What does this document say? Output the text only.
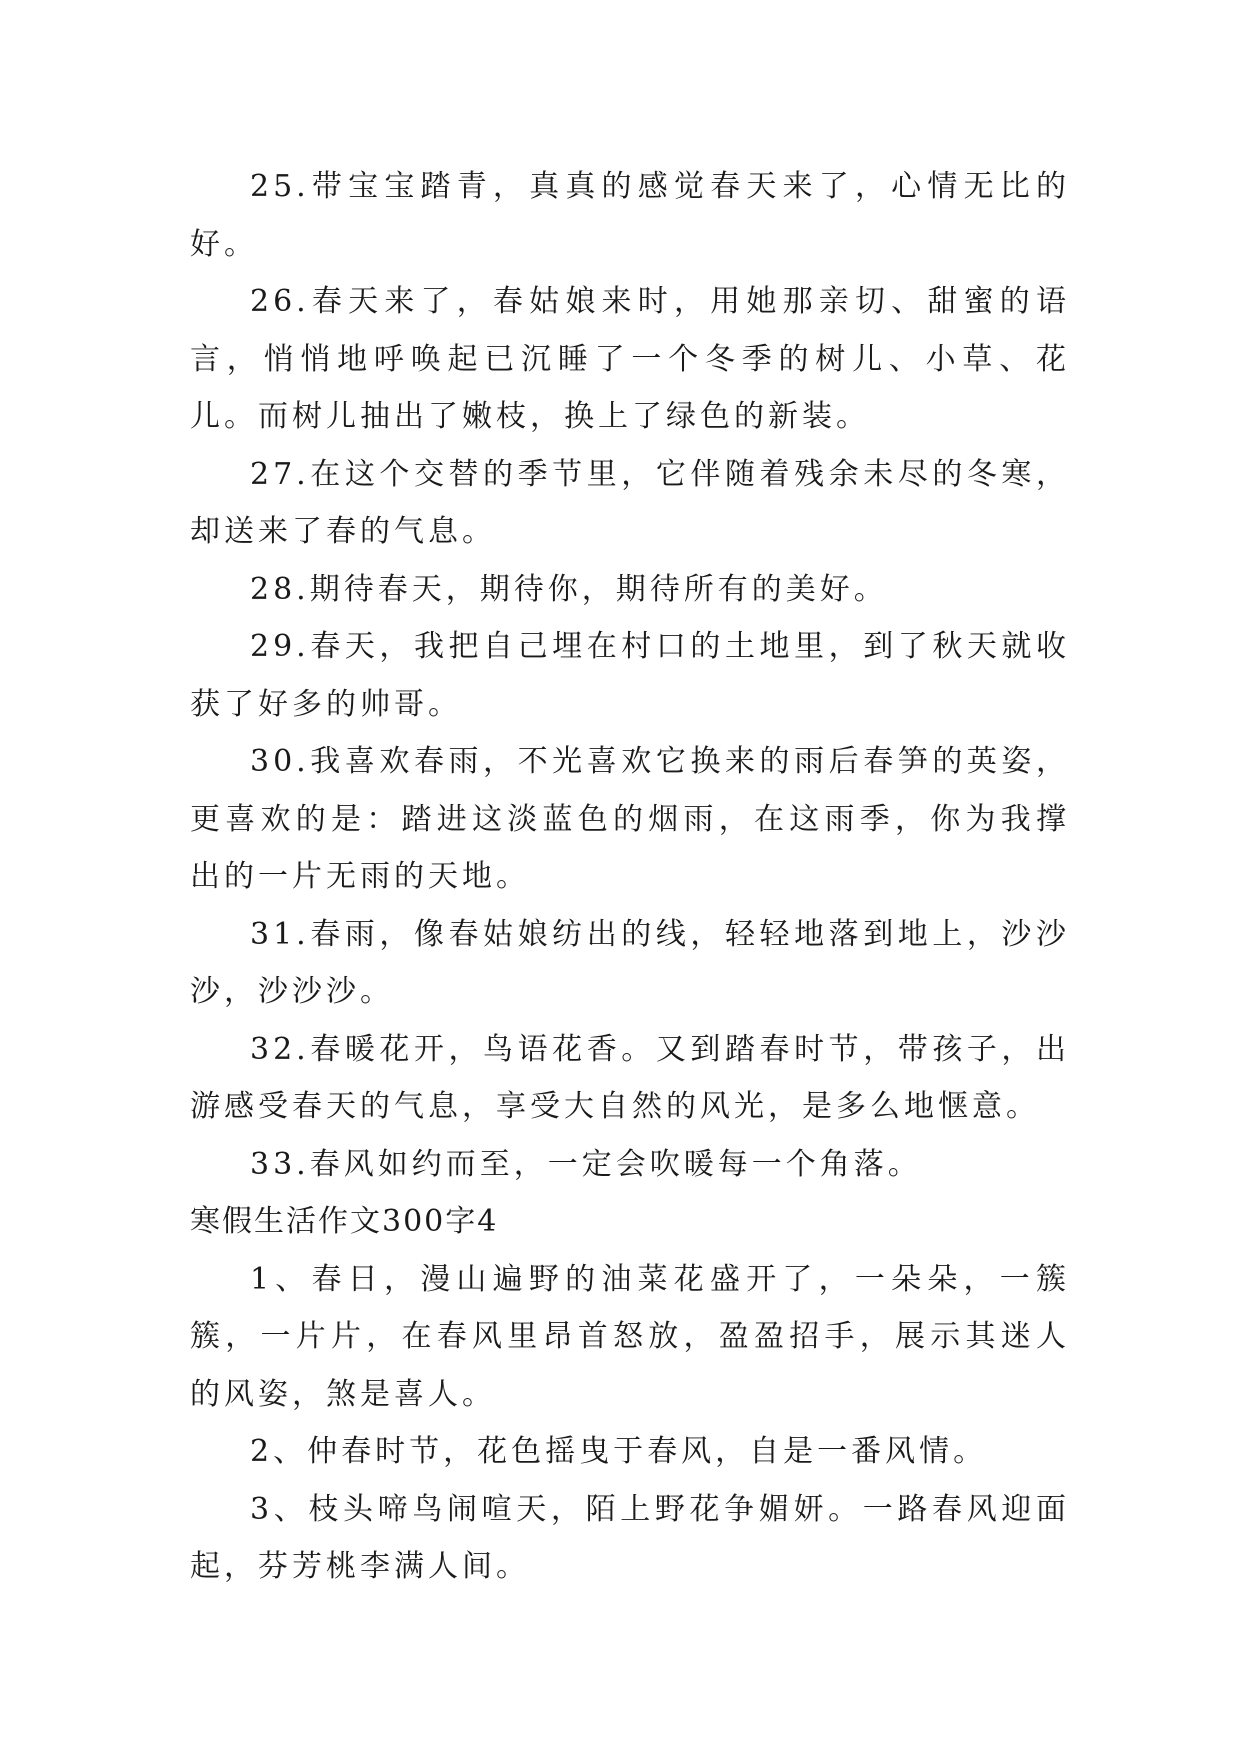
25.带宝宝踏青，真真的感觉春天来了，心情无比的好。

26.春天来了，春姑娘来时，用她那亲切、甜蜜的语言，悄悄地呼唤起已沉睡了一个冬季的树儿、小草、花儿。而树儿抽出了嫩枝，换上了绿色的新装。

27.在这个交替的季节里，它伴随着残余未尽的冬寒，却送来了春的气息。

28.期待春天，期待你，期待所有的美好。

29.春天，我把自己埋在村口的土地里，到了秋天就收获了好多的帅哥。

30.我喜欢春雨，不光喜欢它换来的雨后春笋的英姿，更喜欢的是：踏进这淡蓝色的烟雨，在这雨季，你为我撑出的一片无雨的天地。

31.春雨，像春姑娘纺出的线，轻轻地落到地上，沙沙沙，沙沙沙。

32.春暖花开，鸟语花香。又到踏春时节，带孩子，出游感受春天的气息，享受大自然的风光，是多么地惬意。

33.春风如约而至，一定会吹暖每一个角落。

寒假生活作文300字4

1、春日，漫山遍野的油菜花盛开了，一朵朵，一簇簇，一片片，在春风里昂首怒放，盈盈招手，展示其迷人的风姿，煞是喜人。

2、仲春时节，花色摇曳于春风，自是一番风情。

3、枝头啼鸟闹喧天，陌上野花争媚妍。一路春风迎面起，芬芳桃李满人间。
